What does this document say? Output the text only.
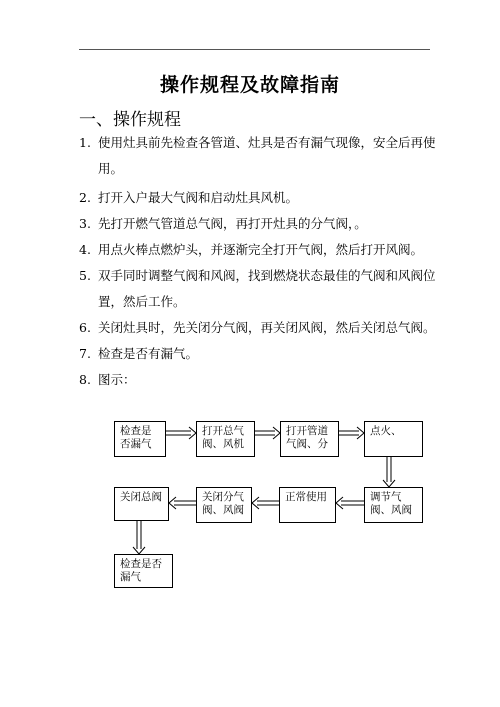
操作规程及故障指南
一、操作规程
1. 使用灶具前先检查各管道、灶具是否有漏气现像，安全后再使
用。
2. 打开入户最大气阀和启动灶具风机。
3. 先打开燃气管道总气阀，再打开灶具的分气阀，。
4. 用点火棒点燃炉头，并逐渐完全打开气阀，然后打开风阀。
5. 双手同时调整气阀和风阀，找到燃烧状态最佳的气阀和风阀位
置，然后工作。
6. 关闭灶具时，先关闭分气阀，再关闭风阀，然后关闭总气阀。
7. 检查是否有漏气。
8. 图示：
检查是否漏气
打开总气阀、风机
打开管道气阀、分
点火、
调节气阀、风阀
正常使用
关闭分气阀、风阀
关闭总阀
检查是否漏气
